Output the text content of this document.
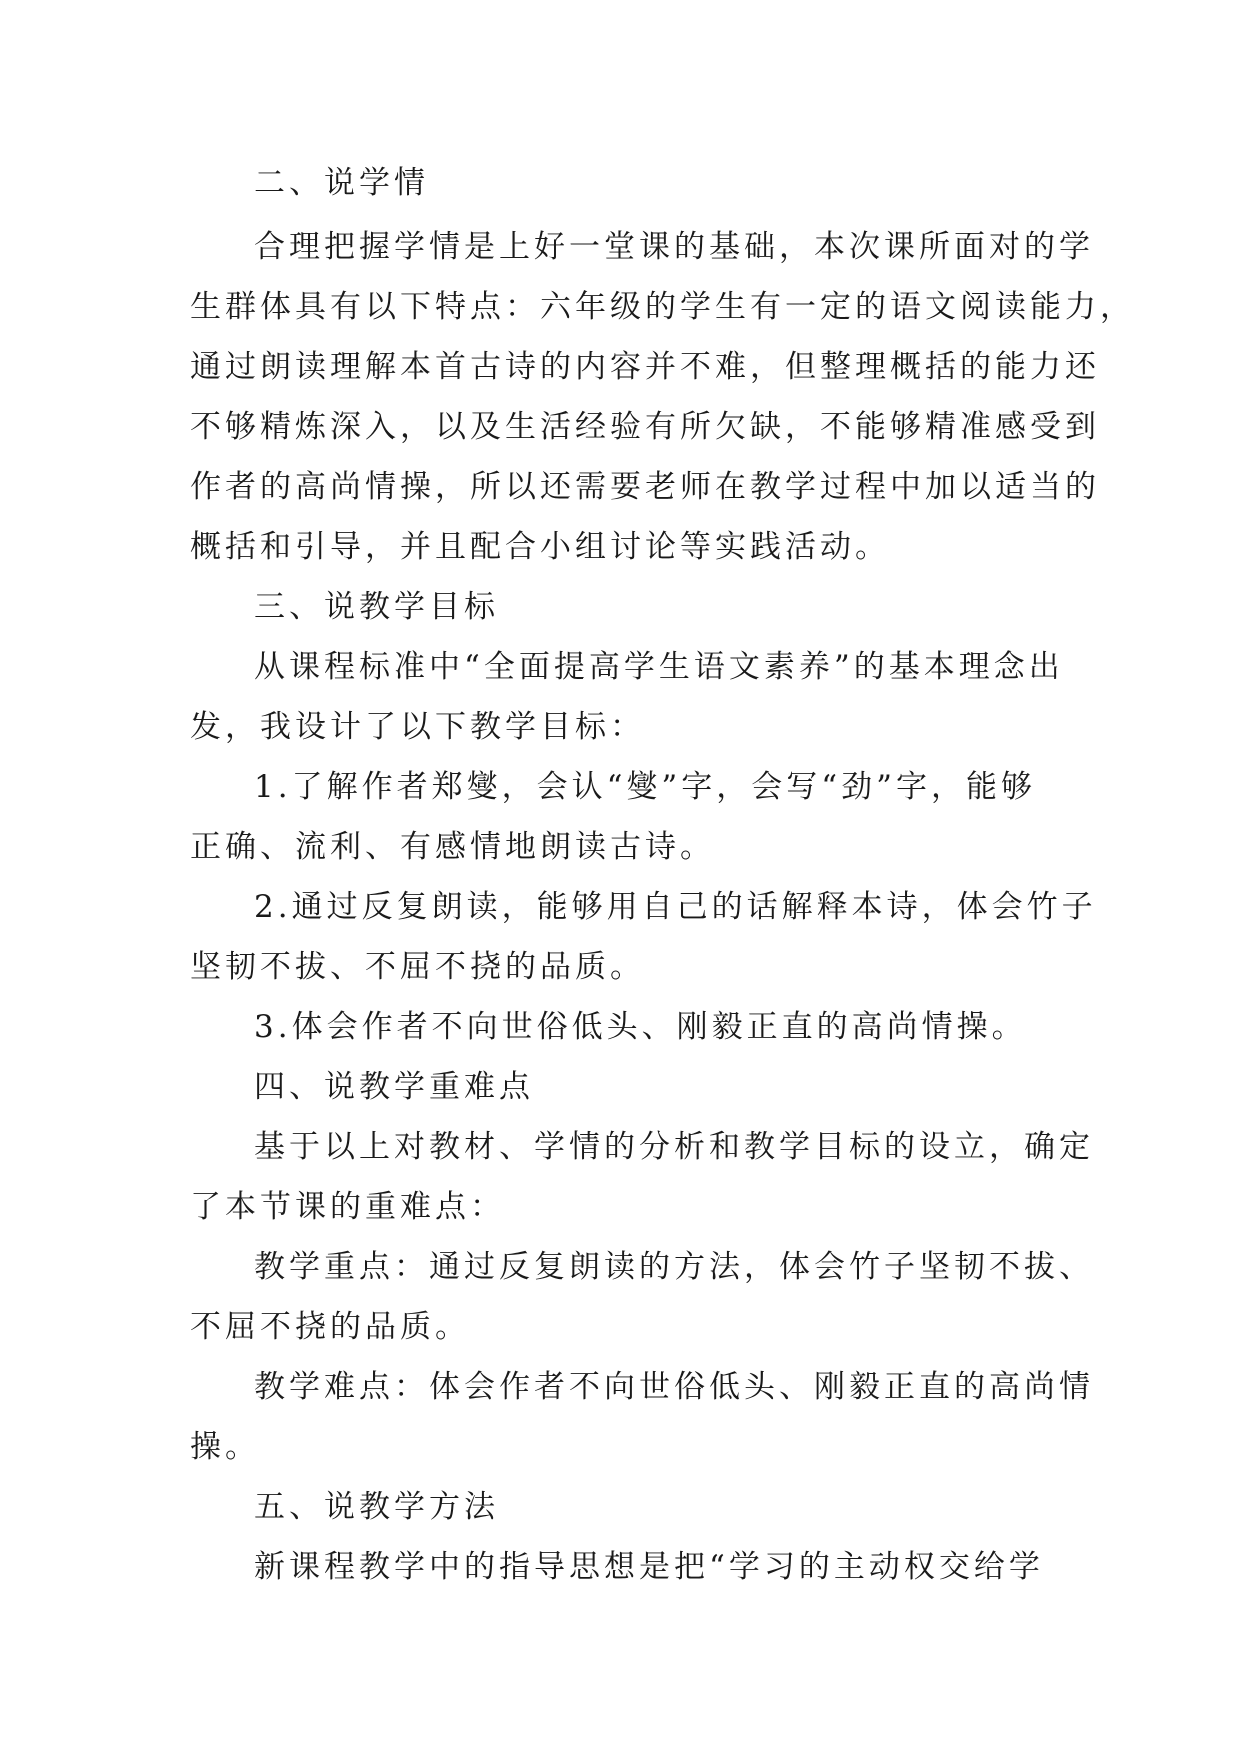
二、说学情
合理把握学情是上好一堂课的基础，本次课所面对的学
生群体具有以下特点：六年级的学生有一定的语文阅读能力，
通过朗读理解本首古诗的内容并不难，但整理概括的能力还
不够精炼深入，以及生活经验有所欠缺，不能够精准感受到
作者的高尚情操，所以还需要老师在教学过程中加以适当的
概括和引导，并且配合小组讨论等实践活动。
三、说教学目标
从课程标准中“全面提高学生语文素养”的基本理念出
发，我设计了以下教学目标：
1.了解作者郑燮，会认“燮”字，会写“劲”字，能够
正确、流利、有感情地朗读古诗。
2.通过反复朗读，能够用自己的话解释本诗，体会竹子
坚韧不拔、不屈不挠的品质。
3.体会作者不向世俗低头、刚毅正直的高尚情操。
四、说教学重难点
基于以上对教材、学情的分析和教学目标的设立，确定
了本节课的重难点：
教学重点：通过反复朗读的方法，体会竹子坚韧不拔、
不屈不挠的品质。
教学难点：体会作者不向世俗低头、刚毅正直的高尚情
操。
五、说教学方法
新课程教学中的指导思想是把“学习的主动权交给学
